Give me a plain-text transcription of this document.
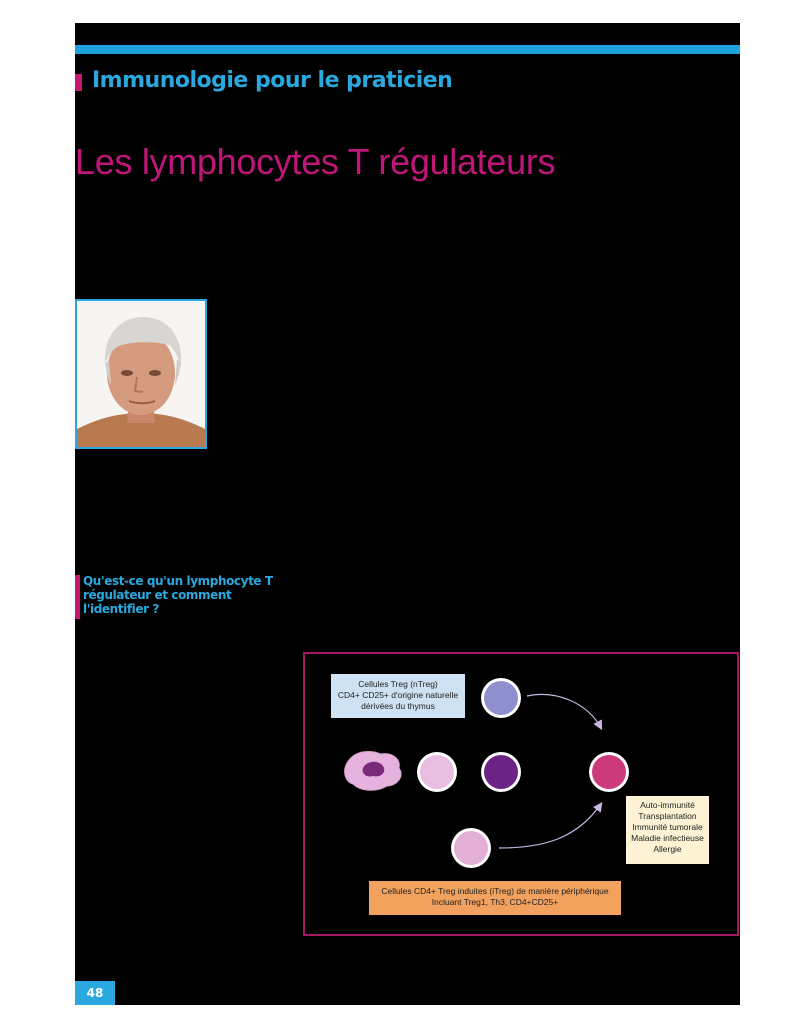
Immunologie pour le praticien
Les lymphocytes T régulateurs
Qu'est-ce qu'un lymphocyte T régulateur et comment l'identifier ?
Cellules Treg (nTreg)
CD4+ CD25+ d'origine naturelle
dérivées du thymus
Auto-immunité
Transplantation
Immunité tumorale
Maladie infectieuse
Allergie
Cellules CD4+ Treg induites (iTreg) de manière périphérique
Incluant Treg1, Th3, CD4+CD25+
48
